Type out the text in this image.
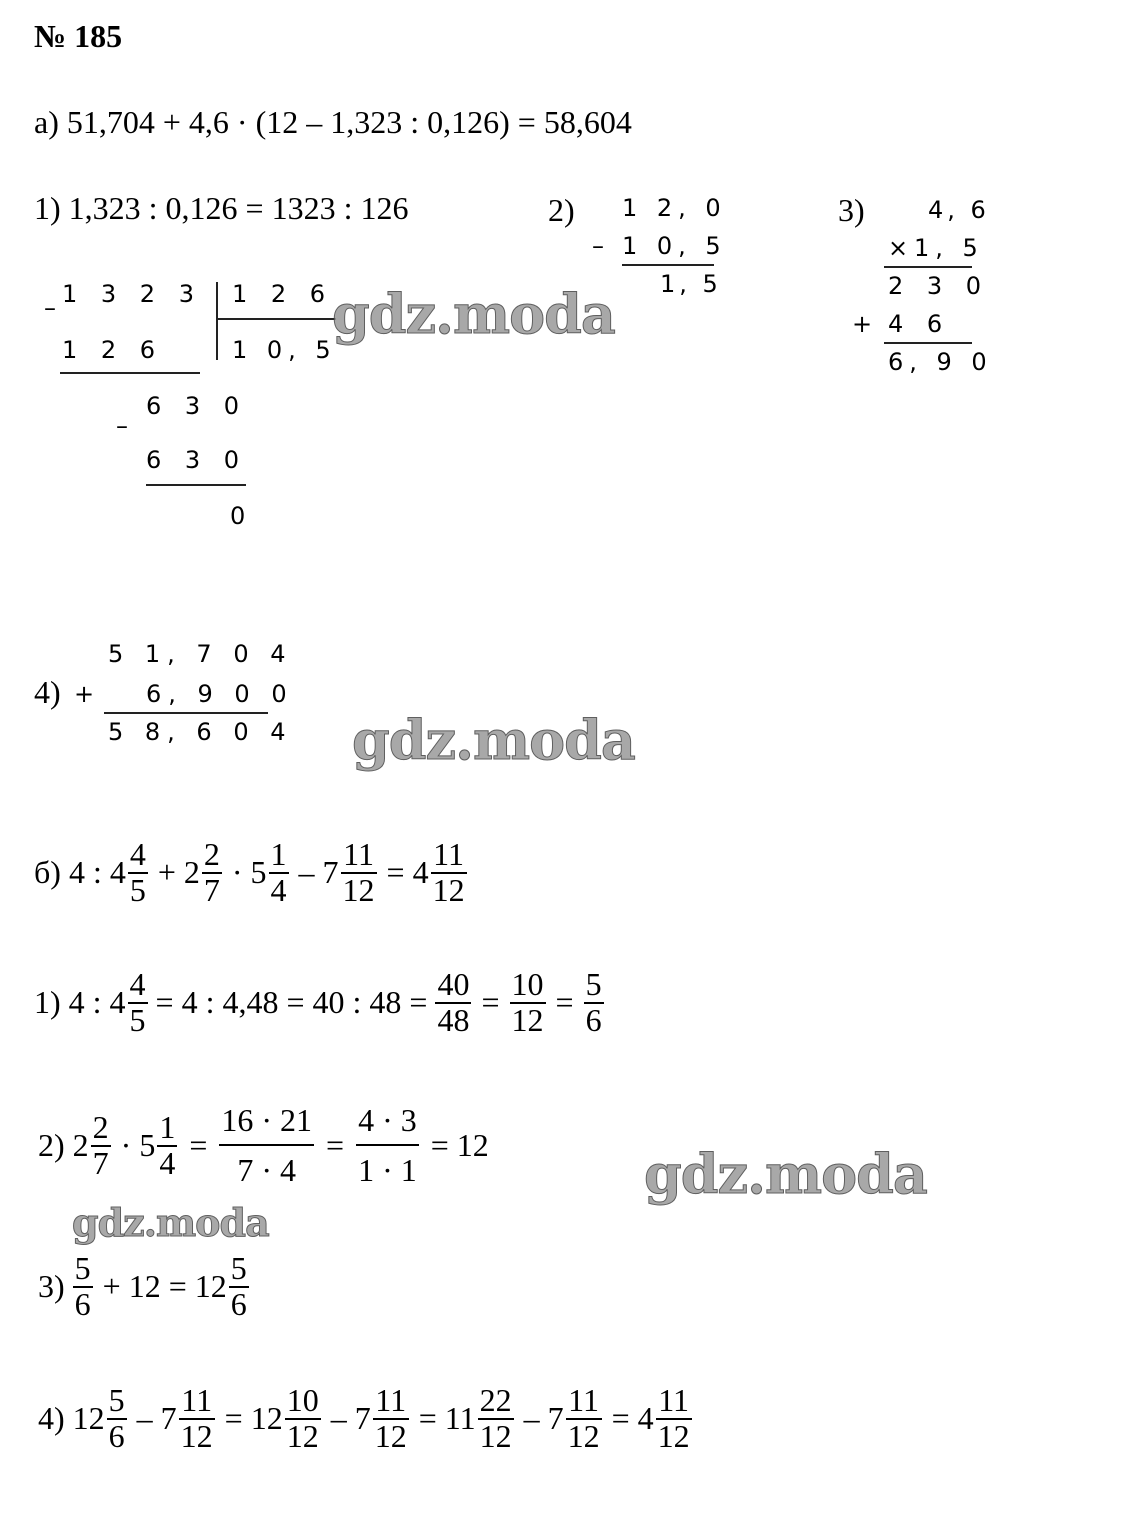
№ 185
а) 51,704 + 4,6 · (12 – 1,323 : 0,126) = 58,604
1) 1,323 : 0,126 = 1323 : 126
– 1 3 2 3 1 2 6
1 0, 5
1 2 6
–
6 3 0
6 3 0
0
2) 1 2, 0
– 1 0, 5
1, 5
3)	4, 6
× 1, 5
2 3 0
+ 4 6
6, 9 0
4) +
5 1, 7 0 4
6, 9 0 0
5 8, 6 0 4
б) 4 : $4 \frac{4}{5} + 2 \frac{2}{7} \cdot 5 \frac{1}{4} - 7 \frac{11}{12} = 4 \frac{11}{12}$
1) 4 : $4 \frac{4}{5} = 4$ : 4,48 = 40 : $48 = \frac{40}{48} = \frac{10}{12} = \frac{5}{6}$
2) $2 \frac{2}{7} \cdot 5 \frac{1}{4} = \frac{16 \cdot 21}{7 \cdot 4} = \frac{4 \cdot 3}{1 \cdot 1} = 12$
$3) \frac{5}{6} + 12 = 12 \frac{5}{6}$
4) $12 \frac{5}{6} - 7 \frac{11}{12} = 12 \frac{10}{12} - 7 \frac{11}{12} = 11 \frac{22}{12} - 7 \frac{11}{12} = 4 \frac{11}{12}$
gdz.moda
gdz.moda
gdz.moda
gdz.moda
